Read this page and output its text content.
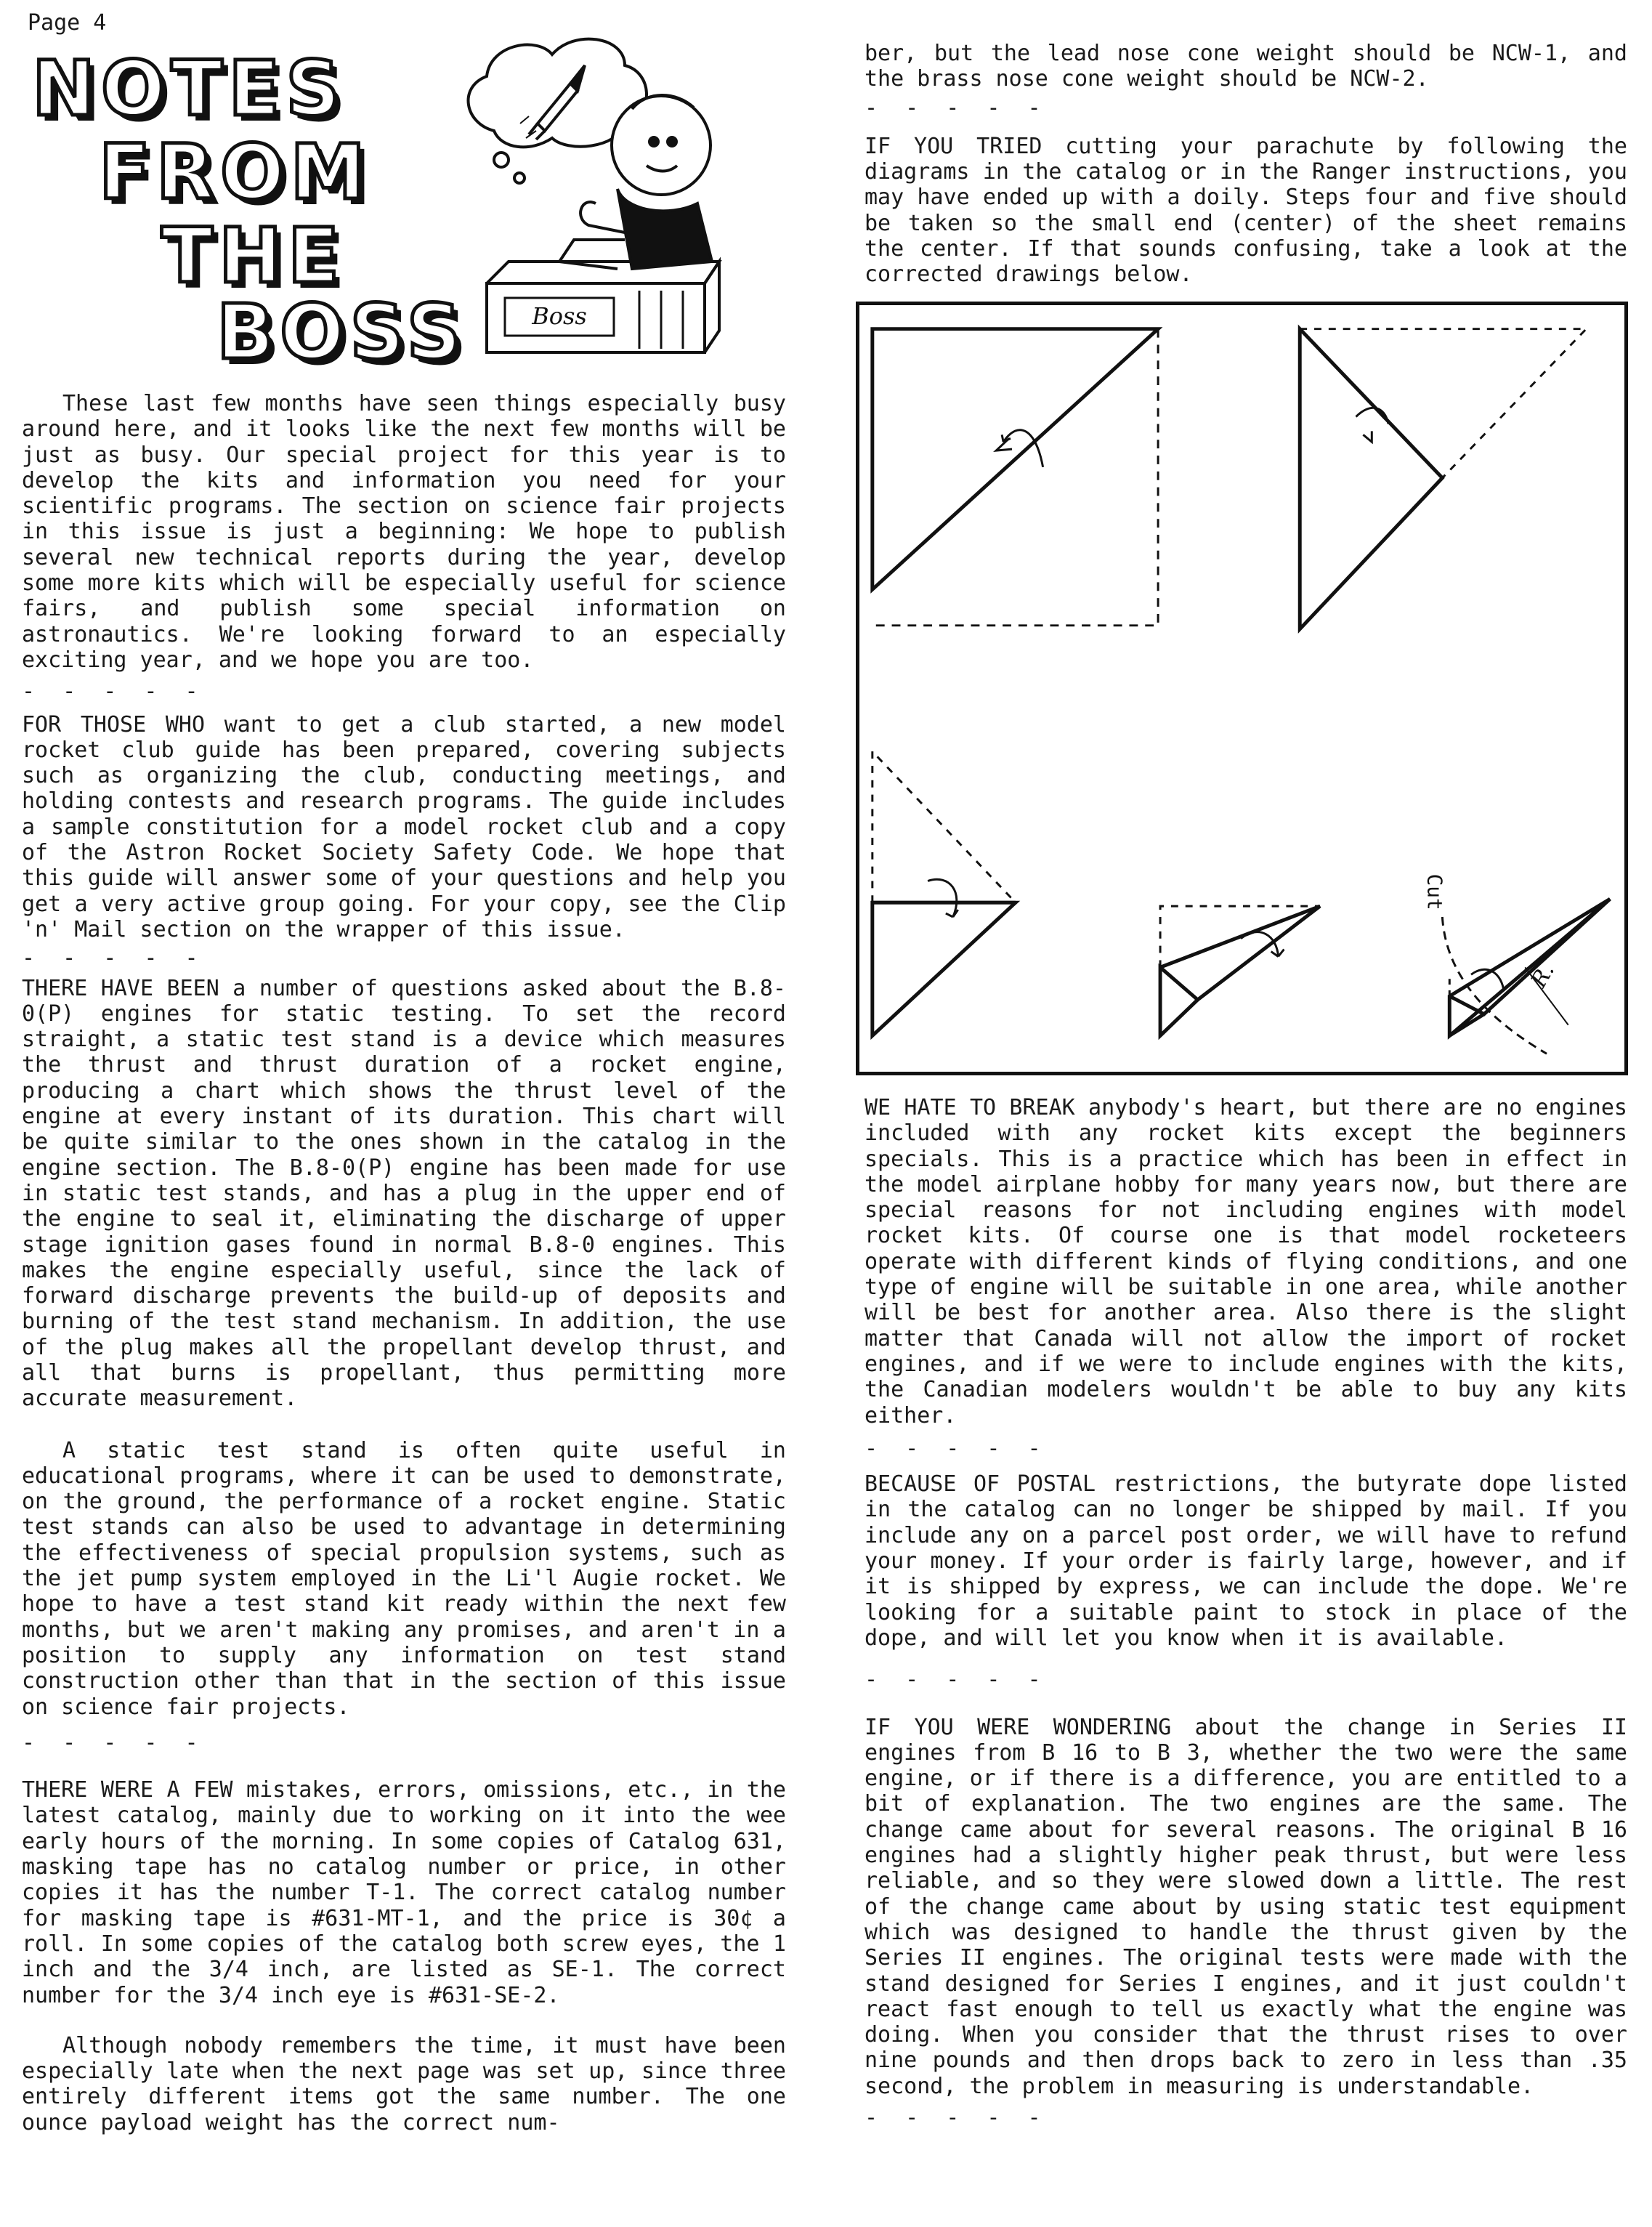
Page 4
NOTES
FROM
THE
BOSS	Boss

These last few months have seen things especially busy around here, and it looks like the next few months will be just as busy. Our special project for this year is to develop the kits and information you need for your scientific programs. The section on science fair projects in this issue is just a beginning: We hope to publish several new technical reports during the year, develop some more kits which will be especially useful for science fairs, and publish some special information on astronautics. We're looking forward to an especially exciting year, and we hope you are too.

- - - - -

FOR THOSE WHO want to get a club started, a new model rocket club guide has been prepared, covering subjects such as organizing the club, conducting meetings, and holding contests and research programs. The guide includes a sample constitution for a model rocket club and a copy of the Astron Rocket Society Safety Code. We hope that this guide will answer some of your questions and help you get a very active group going. For your copy, see the Clip 'n' Mail section on the wrapper of this issue.

- - - - -

THERE HAVE BEEN a number of questions asked about the B.8-0(P) engines for static testing. To set the record straight, a static test stand is a device which measures the thrust and thrust duration of a rocket engine, producing a chart which shows the thrust level of the engine at every instant of its duration. This chart will be quite similar to the ones shown in the catalog in the engine section. The B.8-0(P) engine has been made for use in static test stands, and has a plug in the upper end of the engine to seal it, eliminating the discharge of upper stage ignition gases found in normal B.8-0 engines. This makes the engine especially useful, since the lack of forward discharge prevents the build-up of deposits and burning of the test stand mechanism. In addition, the use of the plug makes all the propellant develop thrust, and all that burns is propellant, thus permitting more accurate measurement.

A static test stand is often quite useful in educational programs, where it can be used to demonstrate, on the ground, the performance of a rocket engine. Static test stands can also be used to advantage in determining the effectiveness of special propulsion systems, such as the jet pump system employed in the Li'l Augie rocket. We hope to have a test stand kit ready within the next few months, but we aren't making any promises, and aren't in a position to supply any information on test stand construction other than that in the section of this issue on science fair projects.

- - - - -

THERE WERE A FEW mistakes, errors, omissions, etc., in the latest catalog, mainly due to working on it into the wee early hours of the morning. In some copies of Catalog 631, masking tape has no catalog number or price, in other copies it has the number T-1. The correct catalog number for masking tape is #631-MT-1, and the price is 30¢ a roll. In some copies of the catalog both screw eyes, the 1 inch and the 3/4 inch, are listed as SE-1. The correct number for the 3/4 inch eye is #631-SE-2.

Although nobody remembers the time, it must have been especially late when the next page was set up, since three entirely different items got the same number. The one ounce payload weight has the correct num-

ber, but the lead nose cone weight should be NCW-1, and the brass nose cone weight should be NCW-2.

- - - - -

IF YOU TRIED cutting your parachute by following the diagrams in the catalog or in the Ranger instructions, you may have ended up with a doily. Steps four and five should be taken so the small end (center) of the sheet remains the center. If that sounds confusing, take a look at the corrected drawings below.

Cut
R.

WE HATE TO BREAK anybody's heart, but there are no engines included with any rocket kits except the beginners specials. This is a practice which has been in effect in the model airplane hobby for many years now, but there are special reasons for not including engines with model rocket kits. Of course one is that model rocketeers operate with different kinds of flying conditions, and one type of engine will be suitable in one area, while another will be best for another area. Also there is the slight matter that Canada will not allow the import of rocket engines, and if we were to include engines with the kits, the Canadian modelers wouldn't be able to buy any kits either.

- - - - -

BECAUSE OF POSTAL restrictions, the butyrate dope listed in the catalog can no longer be shipped by mail. If you include any on a parcel post order, we will have to refund your money. If your order is fairly large, however, and if it is shipped by express, we can include the dope. We're looking for a suitable paint to stock in place of the dope, and will let you know when it is available.

- - - - -

IF YOU WERE WONDERING about the change in Series II engines from B 16 to B 3, whether the two were the same engine, or if there is a difference, you are entitled to a bit of explanation. The two engines are the same. The change came about for several reasons. The original B 16 engines had a slightly higher peak thrust, but were less reliable, and so they were slowed down a little. The rest of the change came about by using static test equipment which was designed to handle the thrust given by the Series II engines. The original tests were made with the stand designed for Series I engines, and it just couldn't react fast enough to tell us exactly what the engine was doing. When you consider that the thrust rises to over nine pounds and then drops back to zero in less than .35 second, the problem in measuring is understandable.

- - - - -
